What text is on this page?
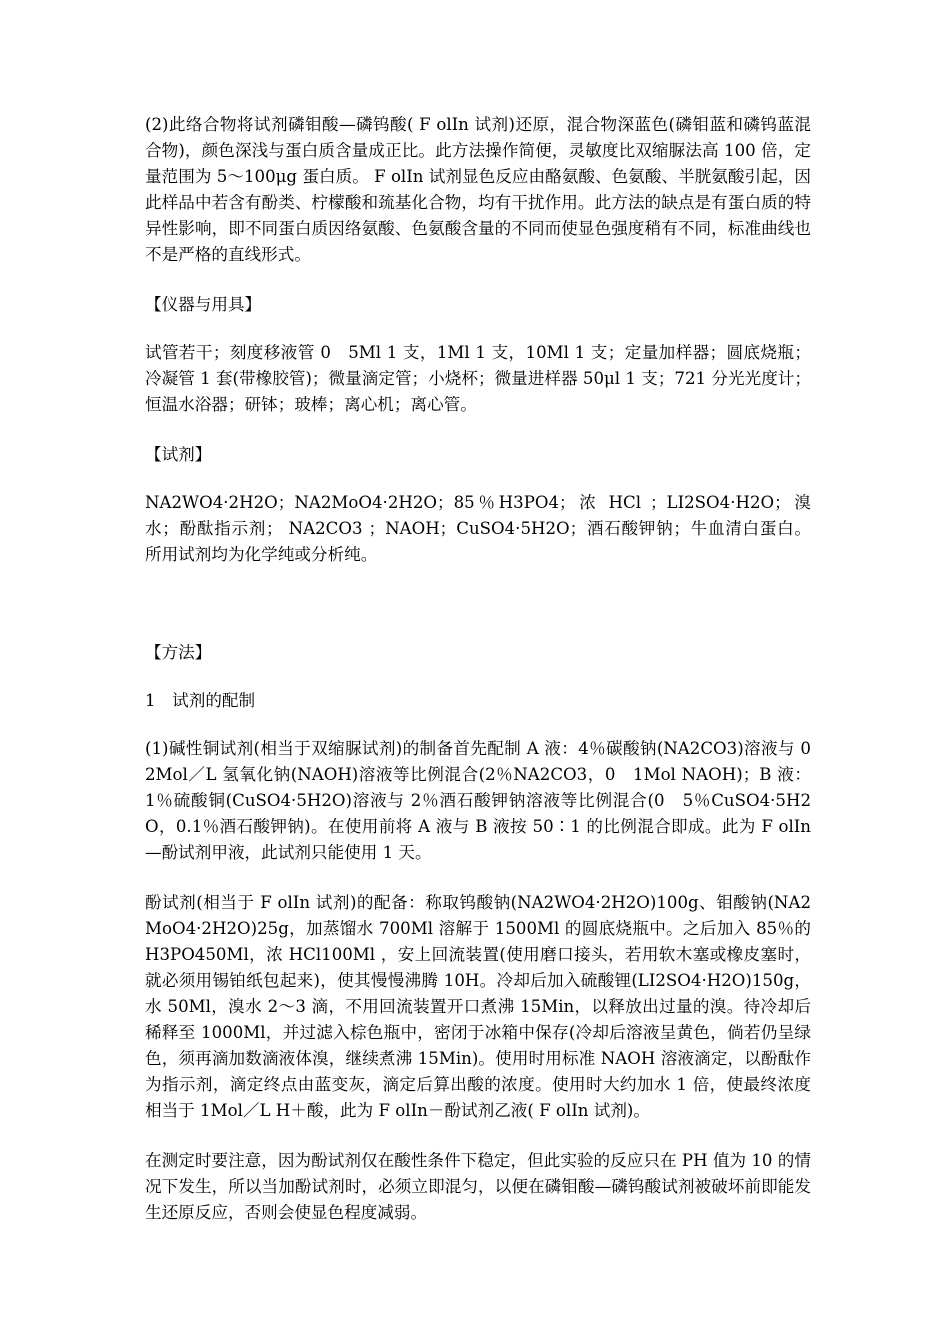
(2)此络合物将试剂磷钼酸—磷钨酸( F olIn 试剂)还原，混合物深蓝色(磷钼蓝和磷钨蓝混合物)，颜色深浅与蛋白质含量成正比。此方法操作简便，灵敏度比双缩脲法高 100 倍，定量范围为 5～100μg 蛋白质。 F olIn 试剂显色反应由酪氨酸、色氨酸、半胱氨酸引起，因此样品中若含有酚类、柠檬酸和巯基化合物，均有干扰作用。此方法的缺点是有蛋白质的特异性影响，即不同蛋白质因络氨酸、色氨酸含量的不同而使显色强度稍有不同，标准曲线也不是严格的直线形式。

【仪器与用具】

试管若干；刻度移液管 0　5Ml 1 支，1Ml 1 支，10Ml 1 支；定量加样器；圆底烧瓶；冷凝管 1 套(带橡胶管)；微量滴定管；小烧杯；微量进样器 50μl 1 支；721 分光光度计；恒温水浴器；研钵；玻棒；离心机；离心管。

【试剂】

NA2WO4·2H2O；NA2MoO4·2H2O；85％H3PO4；浓 HCl ；LI2SO4·H2O；溴水；酚酞指示剂； NA2CO3 ；NAOH；CuSO4·5H2O；酒石酸钾钠；牛血清白蛋白。所用试剂均为化学纯或分析纯。

【方法】

1　试剂的配制

(1)碱性铜试剂(相当于双缩脲试剂)的制备首先配制 A 液：4％碳酸钠(NA2CO3)溶液与 0　2Mol／L 氢氧化钠(NAOH)溶液等比例混合(2％NA2CO3，0　1Mol NAOH)；B 液：1％硫酸铜(CuSO4·5H2O)溶液与 2％酒石酸钾钠溶液等比例混合(0　5％CuSO4·5H2O，0.1％酒石酸钾钠)。在使用前将 A 液与 B 液按 50∶1 的比例混合即成。此为 F olIn—酚试剂甲液，此试剂只能使用 1 天。

酚试剂(相当于 F olIn 试剂)的配备：称取钨酸钠(NA2WO4·2H2O)100g、钼酸钠(NA2MoO4·2H2O)25g，加蒸馏水 700Ml 溶解于 1500Ml 的圆底烧瓶中。之后加入 85％的 H3PO450Ml，浓 HCl100Ml ，安上回流装置(使用磨口接头，若用软木塞或橡皮塞时，就必须用锡铂纸包起来)，使其慢慢沸腾 10H。冷却后加入硫酸锂(LI2SO4·H2O)150g，水 50Ml，溴水 2～3 滴，不用回流装置开口煮沸 15Min，以释放出过量的溴。待冷却后稀释至 1000Ml，并过滤入棕色瓶中，密闭于冰箱中保存(冷却后溶液呈黄色，倘若仍呈绿色，须再滴加数滴液体溴，继续煮沸 15Min)。使用时用标准 NAOH 溶液滴定，以酚酞作为指示剂，滴定终点由蓝变灰，滴定后算出酸的浓度。使用时大约加水 1 倍，使最终浓度相当于 1Mol／L H＋酸，此为 F olIn－酚试剂乙液( F olIn 试剂)。

在测定时要注意，因为酚试剂仅在酸性条件下稳定，但此实验的反应只在 PH 值为 10 的情况下发生，所以当加酚试剂时，必须立即混匀，以便在磷钼酸—磷钨酸试剂被破坏前即能发生还原反应，否则会使显色程度减弱。
